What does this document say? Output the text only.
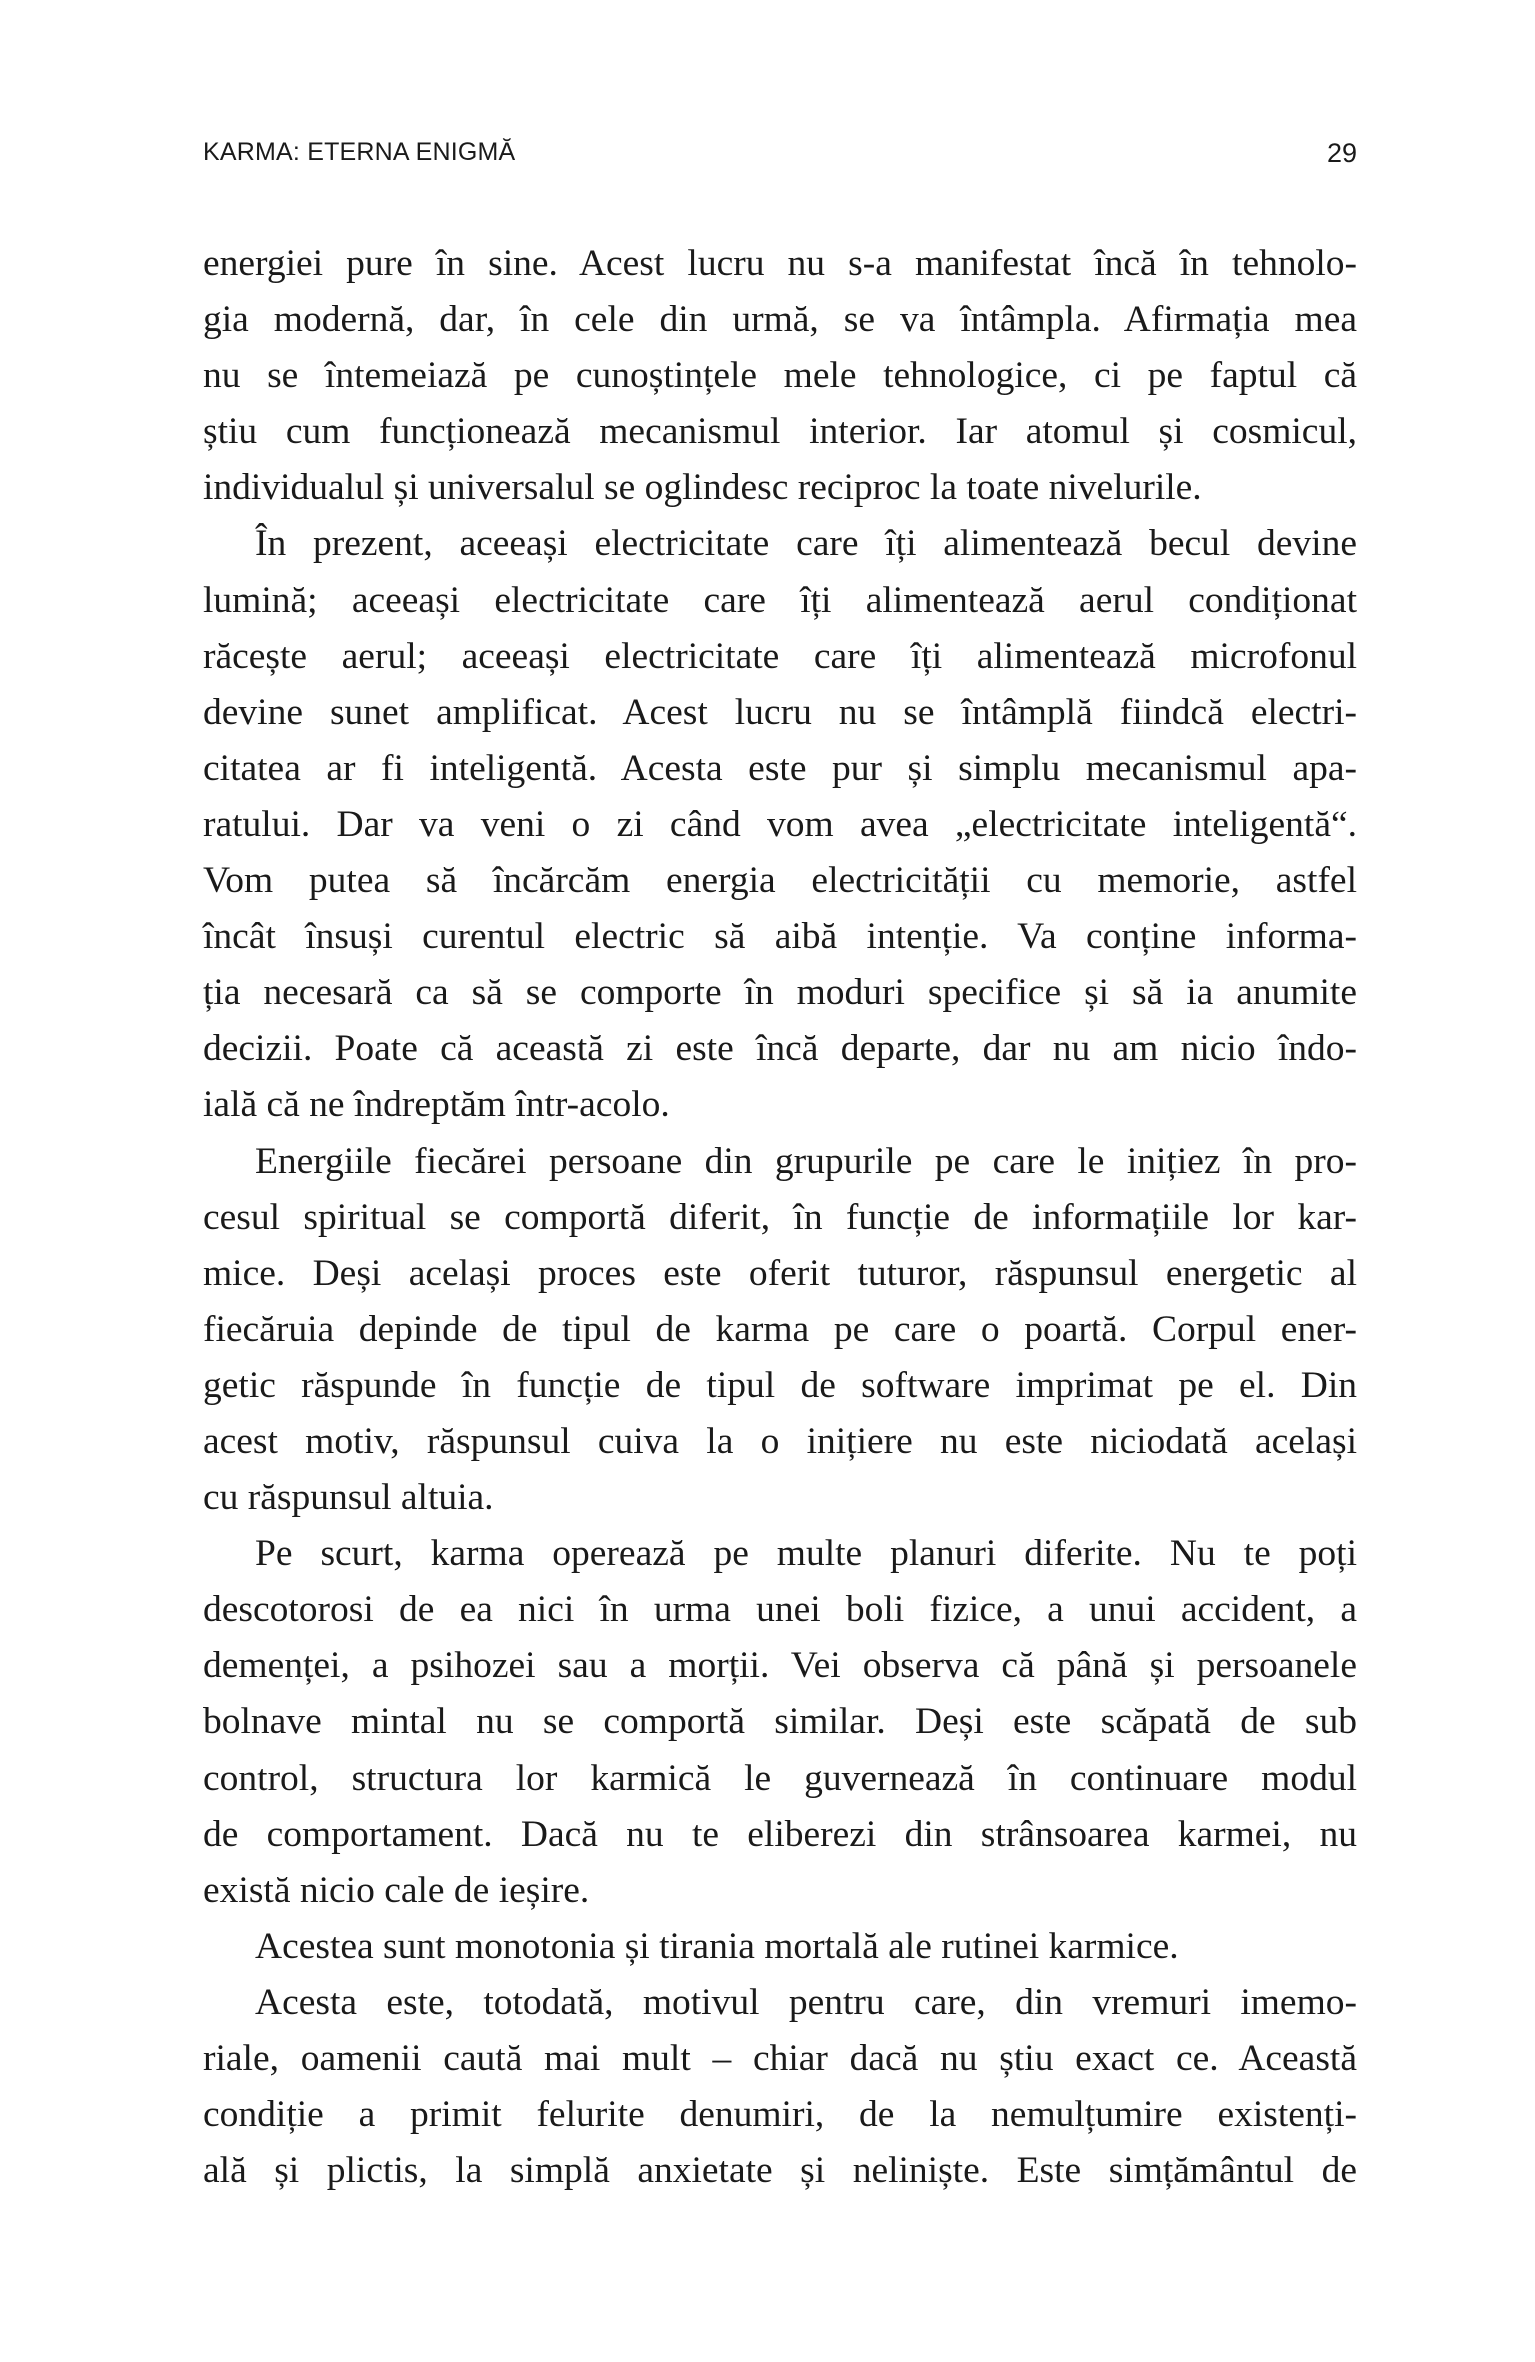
KARMA: ETERNA ENIGMĂ	29
energiei pure în sine. Acest lucru nu s-a manifestat încă în tehnolo-
gia modernă, dar, în cele din urmă, se va întâmpla. Afirmația mea
nu se întemeiază pe cunoștințele mele tehnologice, ci pe faptul că
știu cum funcționează mecanismul interior. Iar atomul și cosmicul,
individualul și universalul se oglindesc reciproc la toate nivelurile.
În prezent, aceeași electricitate care îți alimentează becul devine
lumină; aceeași electricitate care îți alimentează aerul condiționat
răcește aerul; aceeași electricitate care îți alimentează microfonul
devine sunet amplificat. Acest lucru nu se întâmplă fiindcă electri-
citatea ar fi inteligentă. Acesta este pur și simplu mecanismul apa-
ratului. Dar va veni o zi când vom avea „electricitate inteligentă“.
Vom putea să încărcăm energia electricității cu memorie, astfel
încât însuși curentul electric să aibă intenție. Va conține informa-
ția necesară ca să se comporte în moduri specifice și să ia anumite
decizii. Poate că această zi este încă departe, dar nu am nicio îndo-
ială că ne îndreptăm într-acolo.
Energiile fiecărei persoane din grupurile pe care le inițiez în pro-
cesul spiritual se comportă diferit, în funcție de informațiile lor kar-
mice. Deși același proces este oferit tuturor, răspunsul energetic al
fiecăruia depinde de tipul de karma pe care o poartă. Corpul ener-
getic răspunde în funcție de tipul de software imprimat pe el. Din
acest motiv, răspunsul cuiva la o inițiere nu este niciodată același
cu răspunsul altuia.
Pe scurt, karma operează pe multe planuri diferite. Nu te poți
descotorosi de ea nici în urma unei boli fizice, a unui accident, a
demenței, a psihozei sau a morții. Vei observa că până și persoanele
bolnave mintal nu se comportă similar. Deși este scăpată de sub
control, structura lor karmică le guvernează în continuare modul
de comportament. Dacă nu te eliberezi din strânsoarea karmei, nu
există nicio cale de ieșire.
Acestea sunt monotonia și tirania mortală ale rutinei karmice.
Acesta este, totodată, motivul pentru care, din vremuri imemo-
riale, oamenii caută mai mult – chiar dacă nu știu exact ce. Această
condiție a primit felurite denumiri, de la nemulțumire existenți-
ală și plictis, la simplă anxietate și neliniște. Este simțământul de
